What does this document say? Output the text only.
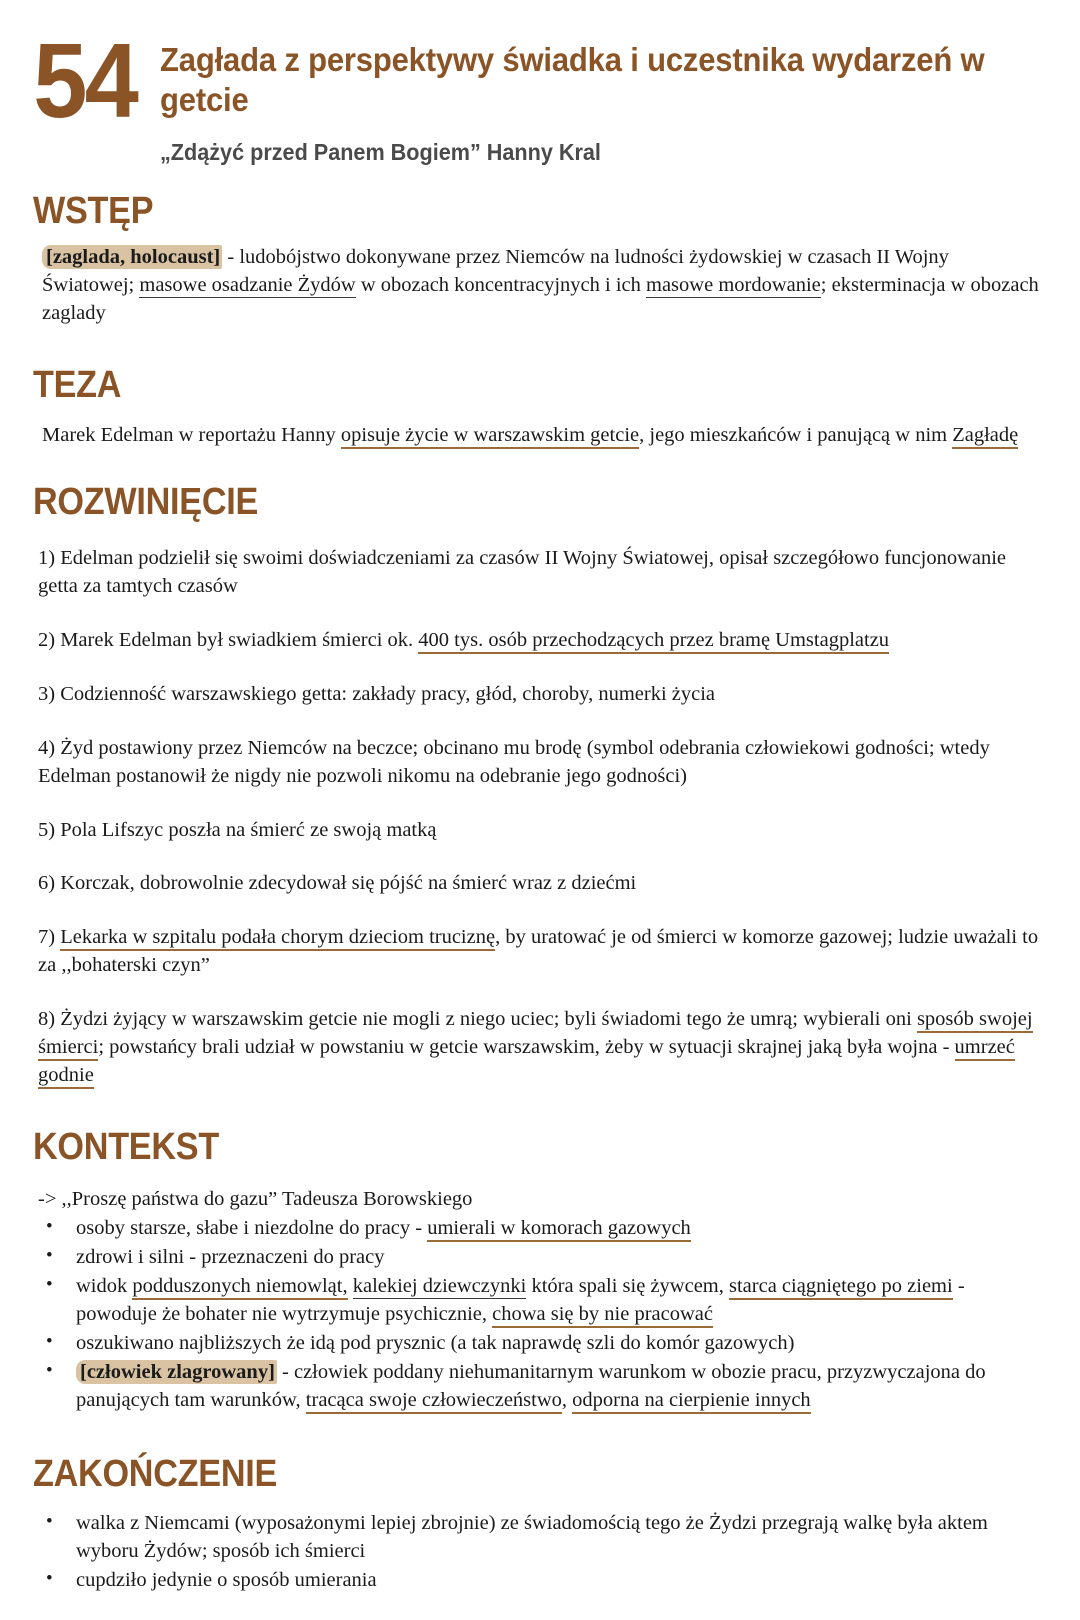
54 Zagłada z perspektywy świadka i uczestnika wydarzeń w getcie
„Zdążyć przed Panem Bogiem” Hanny Kral
WSTĘP

[zaglada, holocaust] - ludobójstwo dokonywane przez Niemców na ludności żydowskiej w czasach II Wojny Światowej; masowe osadzanie Żydów w obozach koncentracyjnych i ich masowe mordowanie; eksterminacja w obozach zaglady

TEZA

Marek Edelman w reportażu Hanny opisuje życie w warszawskim getcie, jego mieszkańców i panującą w nim Zagładę

ROZWINIĘCIE

1) Edelman podzielił się swoimi doświadczeniami za czasów II Wojny Światowej, opisał szczegółowo funcjonowanie getta za tamtych czasów

2) Marek Edelman był swiadkiem śmierci ok. 400 tys. osób przechodzących przez bramę Umstagplatzu

3) Codzienność warszawskiego getta: zakłady pracy, głód, choroby, numerki życia

4) Żyd postawiony przez Niemców na beczce; obcinano mu brodę (symbol odebrania człowiekowi godności; wtedy Edelman postanowił że nigdy nie pozwoli nikomu na odebranie jego godności)

5) Pola Lifszyc poszła na śmierć ze swoją matką

6) Korczak, dobrowolnie zdecydował się pójść na śmierć wraz z dziećmi

7) Lekarka w szpitalu podała chorym dzieciom truciznę, by uratować je od śmierci w komorze gazowej; ludzie uważali to za ,,bohaterski czyn”

8) Żydzi żyjący w warszawskim getcie nie mogli z niego uciec; byli świadomi tego że umrą; wybierali oni sposób swojej śmierci; powstańcy brali udział w powstaniu w getcie warszawskim, żeby w sytuacji skrajnej jaką była wojna - umrzeć godnie

KONTEKST

-> ,,Proszę państwa do gazu” Tadeusza Borowskiego

• osoby starsze, słabe i niezdolne do pracy - umierali w komorach gazowych
• zdrowi i silni - przeznaczeni do pracy
• widok podduszonych niemowląt, kalekiej dziewczynki która spali się żywcem, starca ciągniętego po ziemi - powoduje że bohater nie wytrzymuje psychicznie, chowa się by nie pracować
• oszukiwano najbliższych że idą pod prysznic (a tak naprawdę szli do komór gazowych)
• [człowiek zlagrowany] - człowiek poddany niehumanitarnym warunkom w obozie pracu, przyzwyczajona do panujących tam warunków, tracąca swoje człowieczeństwo, odporna na cierpienie innych
ZAKOŃCZENIE
• walka z Niemcami (wyposażonymi lepiej zbrojnie) ze świadomością tego że Żydzi przegrają walkę była aktem wyboru Żydów; sposób ich śmierci
• cupdziło jedynie o sposób umierania
